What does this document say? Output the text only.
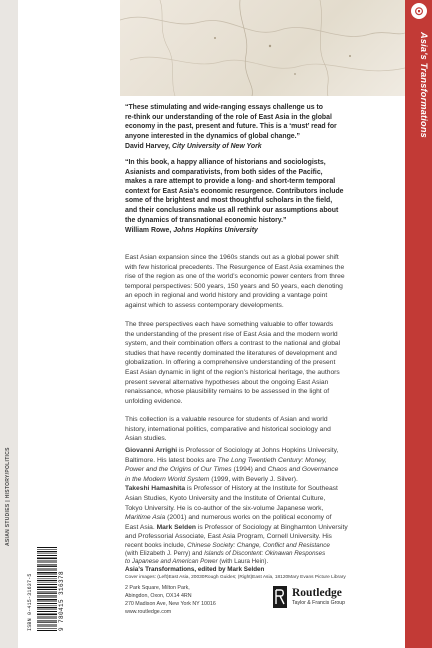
ASIAN STUDIES | HISTORY/POLITICS
⊙
Asia's Transformations
“These stimulating and wide-ranging essays challenge us to
re-think our understanding of the role of East Asia in the global
economy in the past, present and future. This is a ‘must’ read for
anyone interested in the dynamics of global change.”
David Harvey, City University of New York
“In this book, a happy alliance of historians and sociologists,
Asianists and comparativists, from both sides of the Pacific,
makes a rare attempt to provide a long- and short-term temporal
context for East Asia’s economic resurgence. Contributors include
some of the brightest and most thoughtful scholars in the field,
and their conclusions make us all rethink our assumptions about
the dynamics of transnational economic history.”
William Rowe, Johns Hopkins University
East Asian expansion since the 1960s stands out as a global power shift
with few historical precedents. The Resurgence of East Asia examines the
rise of the region as one of the world’s economic power centers from three
temporal perspectives: 500 years, 150 years and 50 years, each denoting
an epoch in regional and world history and providing a vantage point
against which to assess contemporary developments.
The three perspectives each have something valuable to offer towards
the understanding of the present rise of East Asia and the modern world
system, and their combination offers a contrast to the national and global
studies that have recently dominated the literatures of development and
globalization. In offering a comprehensive understanding of the present
East Asian dynamic in light of the region’s historical heritage, the authors
present several alternative hypotheses about the ongoing East Asian
renaissance, whose plausibility remains to be assessed in the light of
unfolding evidence.
This collection is a valuable resource for students of Asian and world
history, international politics, comparative and historical sociology and
Asian studies.
Giovanni Arrighi is Professor of Sociology at Johns Hopkins University,
Baltimore. His latest books are The Long Twentieth Century: Money,
Power and the Origins of Our Times (1994) and Chaos and Governance
in the Modern World System (1999, with Beverly J. Silver).
Takeshi Hamashita is Professor of History at the Institute for Southeast
Asian Studies, Kyoto University and the Institute of Oriental Culture,
Tokyo University. He is co-author of the six-volume Japanese work,
Maritime Asia (2001) and numerous works on the political economy of
East Asia. Mark Selden is Professor of Sociology at Binghamton University
and Professorial Associate, East Asia Program, Cornell University. His
recent books include, Chinese Society: Change, Conflict and Resistance
(with Elizabeth J. Perry) and Islands of Discontent: Okinawan Responses
to Japanese and American Power (with Laura Hein).
Asia’s Transformations, edited by Mark Selden
Cover images: (Left)East Asia, 20030Rough Guides; (Right)East Asia, 18120Mary Evans Picture Library
2 Park Square, Milton Park,
Abingdon, Oxon, OX14 4RN
270 Madison Ave, New York NY 10016
www.routledge.com
Routledge
Taylor & Francis Group
ISBN 0-415-31637-5	9 780415 316378
